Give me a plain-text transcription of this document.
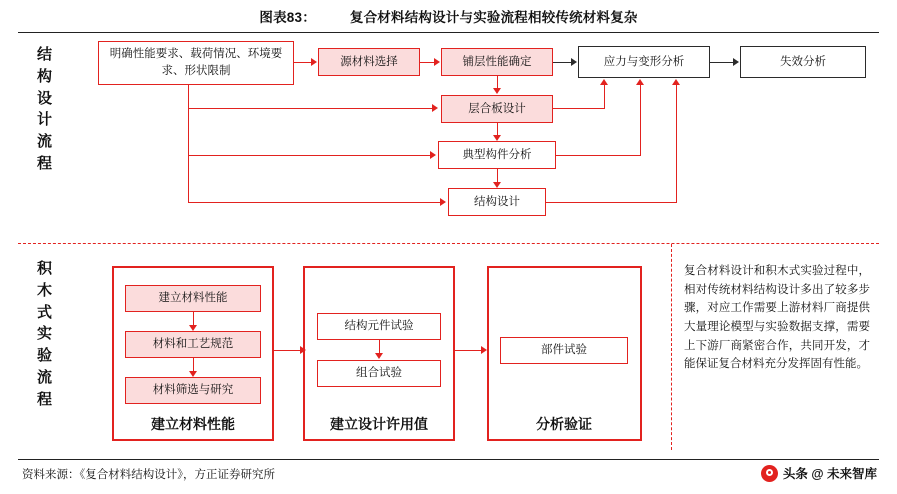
图表83：	复合材料结构设计与实验流程相较传统材料复杂
结
构
设
计
流
程
积
木
式
实
验
流
程
明确性能要求、载荷情况、环境要求、形状限制
源材料选择	铺层性能确定	应力与变形分析	失效分析
层合板设计
典型构件分析
结构设计
建立材料性能
材料和工艺规范
材料筛选与研究
建立材料性能
结构元件试验
组合试验
建立设计许用值
部件试验
分析验证
复合材料设计和积木式实验过程中，相对传统材料结构设计多出了较多步骤，对应工作需要上游材料厂商提供大量理论模型与实验数据支撑，需要上下游厂商紧密合作，共同开发，才能保证复合材料充分发挥固有性能。
资料来源：《复合材料结构设计》，方正证券研究所	头条 @ 未来智库
